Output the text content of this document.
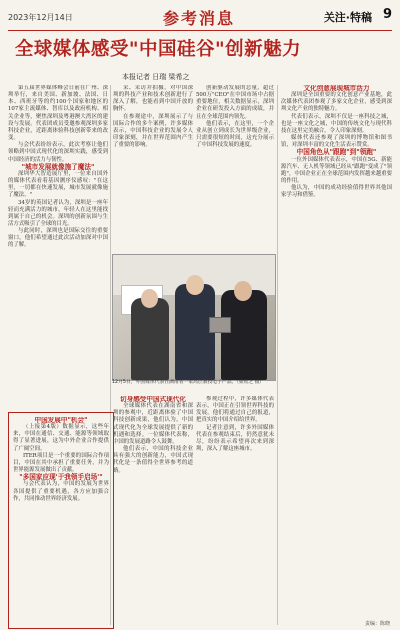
2023年12月14日	参考消息	关注·特稿 9
全球媒体感受"中国硅谷"创新魅力
本报记者 日瑞 梁希之

第五届世界媒体峰会日前在广州、深圳举行，来自美国、新加坡、法国、日本、西班牙等的约100个国家和地区的107家主流媒体、智库以及政府机构、相关企业等，聚焦深圳及粤港澳大湾区的建设与发展。代表团成员受邀参观深圳多家科技企业，近距离体验科技创新带来的改变。

与会代表纷纷表示，此次考察让他们领略到中国式现代化的深圳实践，感受到中国经济的活力与韧性。

"城市发展就像施了魔法"

深圳华大智造展厅里，一位来自国外的媒体代表看着基因测序仪感叹："在这里，一切都在快速发展，城市发展就像施了魔法。"

34岁的英国记者认为，深圳是一座年轻而充满活力的城市，年轻人在这里能找到属于自己的机会。深圳的创新氛围与生活方式吸引了全球的目光。

与此同时，深圳也是国际交往的重要窗口，他们希望通过此次活动加深对中国的了解。

采、采访并拍摄，对中国深圳的科技产业和技术创新进行了深入了解，也能看到中国开放的胸怀。

在参观途中，深圳展示了与国际合作的多个案例，许多媒体表示，中国科技企业的发展令人印象深刻，并在世界范围内产生了重要的影响。

创新驱动发展的总量，超过500万"CEO"在中国市场中占据重要地位，相关数据显示，深圳企业在研发投入方面的成绩，并且在全球范围内领先。

他们表示，在这里，一个企业从创立到成长为世界级企业，只需要很短的时间，这充分展示了中国科技发展的速度。

12月5日，外国媒体代表在湖南省一家高层教授电子产品。（梁希之 摄）

切身感受中国式现代化

全球媒体代表在湖南省和深圳的参观中，近距离体验了中国科技创新成果，他们认为，中国式现代化为全球发展提供了新的机遇和选择。一位媒体代表称，中国的发展道路令人鼓舞。

他们表示，中国的科技企业具有强大的创新能力，中国式现代化是一条值得全世界参考的道路。

参观过程中，许多媒体代表表示，中国正在引领世界科技的发展，他们将通过自己的报道，把真实的中国介绍给世界。

记者注意到，许多外国媒体代表在参观结束后，仍然意犹未尽，纷纷表示希望再次来到深圳，深入了解这座城市。

文化创意展现城市活力

深圳是全国重要的文化创意产业基地，此次媒体代表团参观了多家文化企业，感受到深圳文化产业的独特魅力。

代表们表示，深圳不仅是一座科技之城，也是一座文化之城，中国的传统文化与现代科技在这里完美融合，令人印象深刻。

媒体代表还参观了深圳的博物馆和图书馆，对深圳丰富的文化生活表示赞赏。

中国角色从"跟跑"到"领跑"

一位外国媒体代表表示，中国在5G、新能源汽车、无人机等领域已经从"跟跑"变成了"领跑"，中国企业正在全球范围内发挥越来越重要的作用。

他认为，中国的成功经验值得世界其他国家学习和借鉴。

中国发展中"机会"

（上接第4版）数据显示，这些年来，中国在通信、交通、能源等领域取得了显著进展，这为中外企业合作提供了广阔空间。

ITER项目是一个重要的国际合作项目，中国在其中承担了重要任务，并为世界能源发展做出了贡献。

"多国家应现'于我领手启场'"

与会代表认为，中国的发展为世界各国提供了重要机遇，各方应加强合作，共同推动世界经济发展。

责编：陈晓
